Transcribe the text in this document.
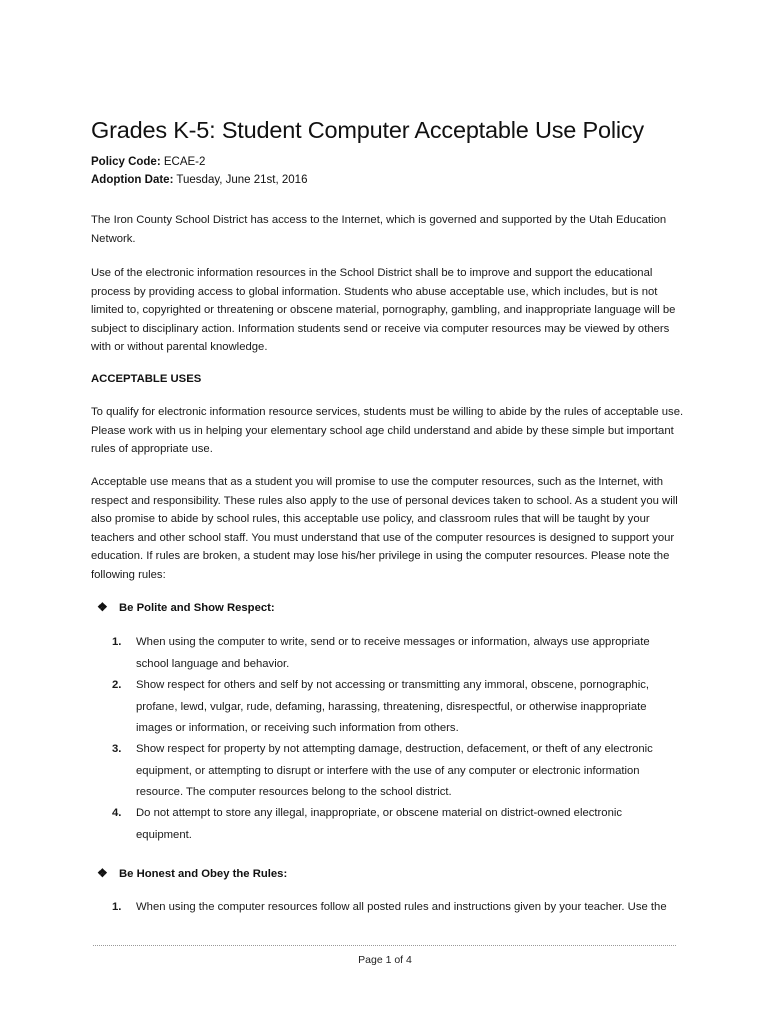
Grades K-5: Student Computer Acceptable Use Policy
Policy Code: ECAE-2
Adoption Date: Tuesday, June 21st, 2016

The Iron County School District has access to the Internet, which is governed and supported by the Utah Education Network.

Use of the electronic information resources in the School District shall be to improve and support the educational process by providing access to global information. Students who abuse acceptable use, which includes, but is not limited to, copyrighted or threatening or obscene material, pornography, gambling, and inappropriate language will be subject to disciplinary action. Information students send or receive via computer resources may be viewed by others with or without parental knowledge.

ACCEPTABLE USES

To qualify for electronic information resource services, students must be willing to abide by the rules of acceptable use. Please work with us in helping your elementary school age child understand and abide by these simple but important rules of appropriate use.

Acceptable use means that as a student you will promise to use the computer resources, such as the Internet, with respect and responsibility. These rules also apply to the use of personal devices taken to school. As a student you will also promise to abide by school rules, this acceptable use policy, and classroom rules that will be taught by your teachers and other school staff. You must understand that use of the computer resources is designed to support your education. If rules are broken, a student may lose his/her privilege in using the computer resources. Please note the following rules:

❖ Be Polite and Show Respect:
1. When using the computer to write, send or to receive messages or information, always use appropriate school language and behavior.
2. Show respect for others and self by not accessing or transmitting any immoral, obscene, pornographic, profane, lewd, vulgar, rude, defaming, harassing, threatening, disrespectful, or otherwise inappropriate images or information, or receiving such information from others.
3. Show respect for property by not attempting damage, destruction, defacement, or theft of any electronic equipment, or attempting to disrupt or interfere with the use of any computer or electronic information resource. The computer resources belong to the school district.
4. Do not attempt to store any illegal, inappropriate, or obscene material on district-owned electronic equipment.
❖ Be Honest and Obey the Rules:
1. When using the computer resources follow all posted rules and instructions given by your teacher. Use the
Page 1 of 4
